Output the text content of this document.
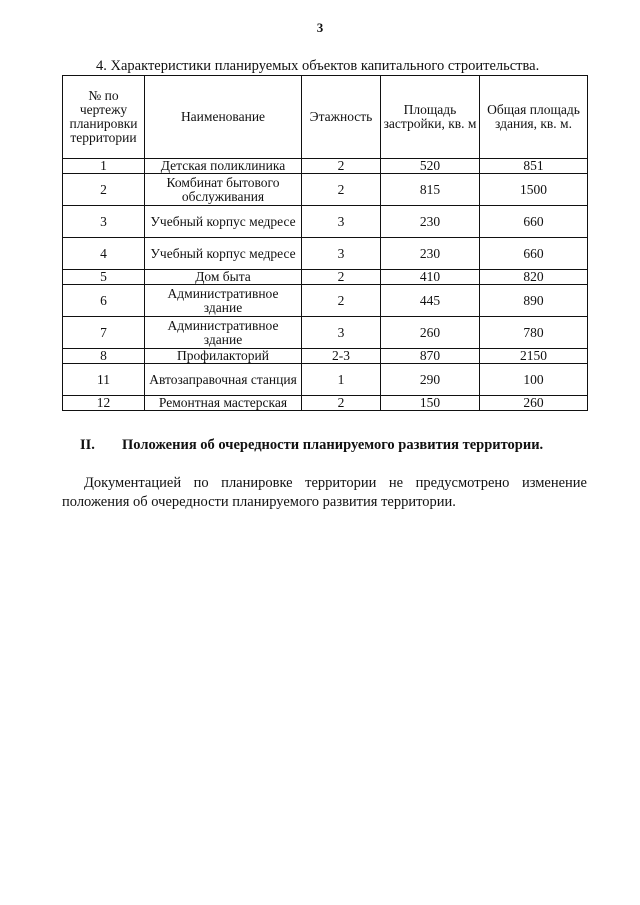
3
4. Характеристики планируемых объектов капитального строительства.
№ по чертежу планировки территории	Наименование	Этажность	Площадь застройки, кв. м	Общая площадь здания, кв. м.
1	Детская поликлиника	2	520	851
2	Комбинат бытового обслуживания	2	815	1500
3	Учебный корпус медресе	3	230	660
4	Учебный корпус медресе	3	230	660
5	Дом быта	2	410	820
6	Административное здание	2	445	890
7	Административное здание	3	260	780
8	Профилакторий	2-3	870	2150
11	Автозаправочная станция	1	290	100
12	Ремонтная мастерская	2	150	260
II. Положения об очередности планируемого развития территории.
Документацией по планировке территории не предусмотрено изменение положения об очередности планируемого развития территории.
